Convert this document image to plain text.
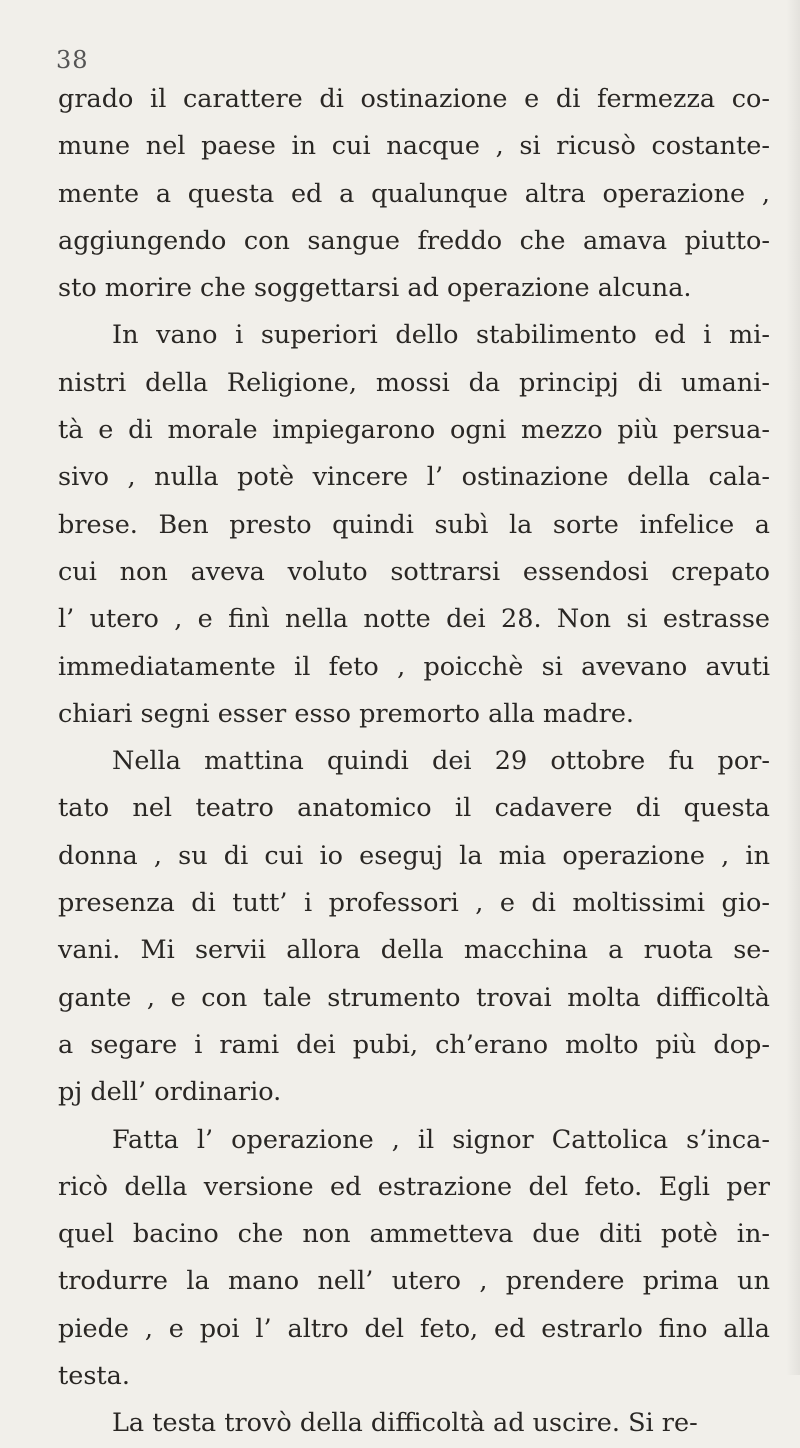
38
grado il carattere di ostinazione e di fermezza co-
mune nel paese in cui nacque , si ricusò costante-
mente a questa ed a qualunque altra operazione ,
aggiungendo con sangue freddo che amava piutto-
sto morire che soggettarsi ad operazione alcuna.
In vano i superiori dello stabilimento ed i mi-
nistri della Religione, mossi da principj di umani-
tà e di morale impiegarono ogni mezzo più persua-
sivo , nulla potè vincere l’ ostinazione della cala-
brese. Ben presto quindi subì la sorte infelice a
cui non aveva voluto sottrarsi essendosi crepato
l’ utero , e finì nella notte dei 28. Non si estrasse
immediatamente il feto , poicchè si avevano avuti
chiari segni esser esso premorto alla madre.
Nella mattina quindi dei 29 ottobre fu por-
tato nel teatro anatomico il cadavere di questa
donna , su di cui io eseguj la mia operazione , in
presenza di tutt’ i professori , e di moltissimi gio-
vani. Mi servii allora della macchina a ruota se-
gante , e con tale strumento trovai molta difficoltà
a segare i rami dei pubi, ch’erano molto più dop-
pj dell’ ordinario.
Fatta l’ operazione , il signor Cattolica s’inca-
ricò della versione ed estrazione del feto. Egli per
quel bacino che non ammetteva due diti potè in-
trodurre la mano nell’ utero , prendere prima un
piede , e poi l’ altro del feto, ed estrarlo fino alla
testa.
La testa trovò della difficoltà ad uscire. Si re-
